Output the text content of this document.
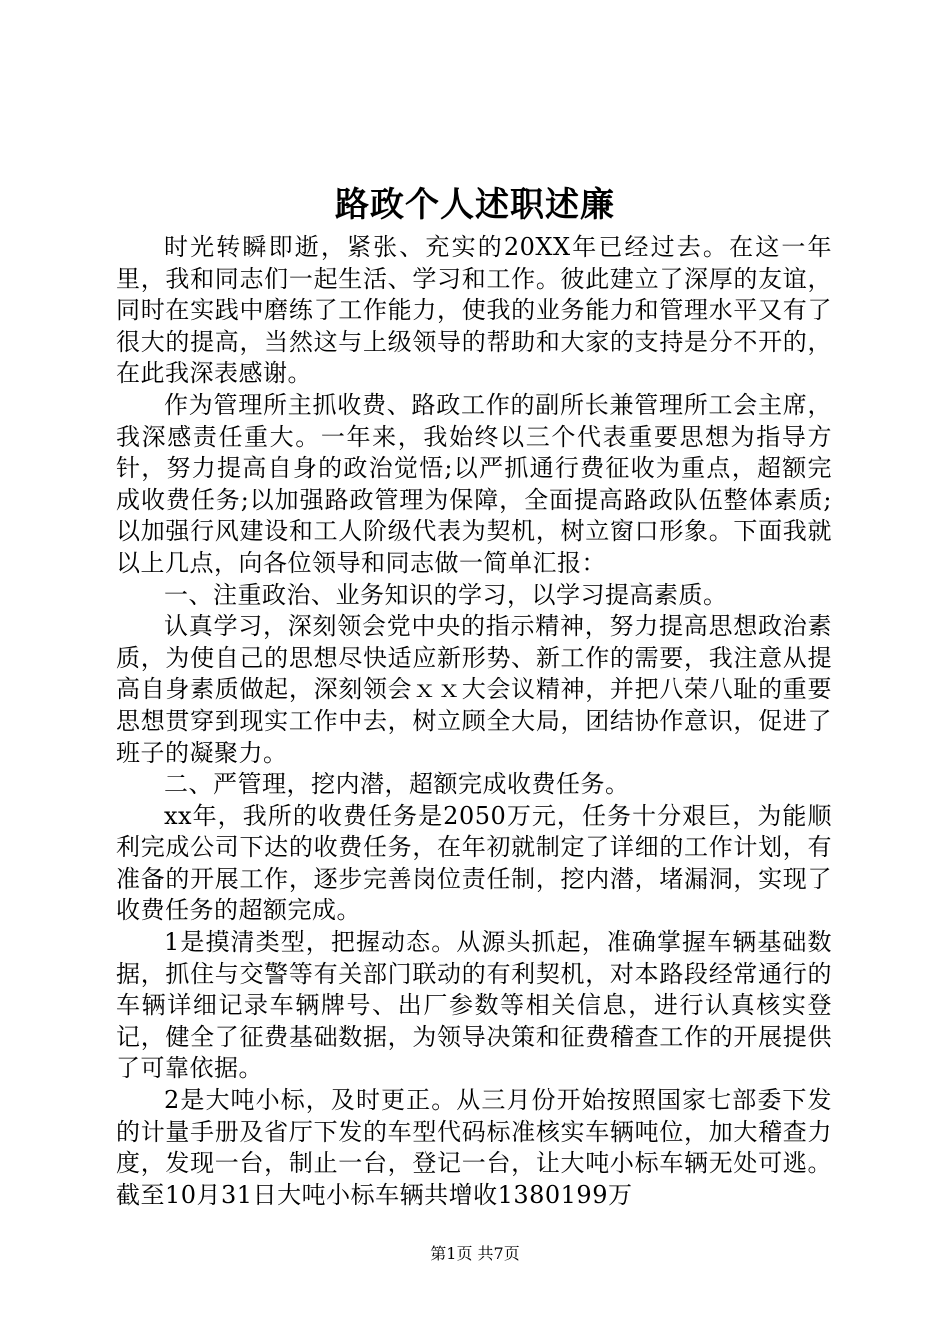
路政个人述职述廉

时光转瞬即逝，紧张、充实的20XX年已经过去。在这一年里，我和同志们一起生活、学习和工作。彼此建立了深厚的友谊，同时在实践中磨练了工作能力，使我的业务能力和管理水平又有了很大的提高，当然这与上级领导的帮助和大家的支持是分不开的，在此我深表感谢。

作为管理所主抓收费、路政工作的副所长兼管理所工会主席，我深感责任重大。一年来，我始终以三个代表重要思想为指导方针，努力提高自身的政治觉悟;以严抓通行费征收为重点，超额完成收费任务;以加强路政管理为保障，全面提高路政队伍整体素质;以加强行风建设和工人阶级代表为契机，树立窗口形象。下面我就以上几点，向各位领导和同志做一简单汇报：

一、注重政治、业务知识的学习，以学习提高素质。

认真学习，深刻领会党中央的指示精神，努力提高思想政治素质，为使自己的思想尽快适应新形势、新工作的需要，我注意从提高自身素质做起，深刻领会ｘｘ大会议精神，并把八荣八耻的重要思想贯穿到现实工作中去，树立顾全大局，团结协作意识，促进了班子的凝聚力。

二、严管理，挖内潜，超额完成收费任务。

xx年，我所的收费任务是2050万元，任务十分艰巨，为能顺利完成公司下达的收费任务，在年初就制定了详细的工作计划，有准备的开展工作，逐步完善岗位责任制，挖内潜，堵漏洞，实现了收费任务的超额完成。

1是摸清类型，把握动态。从源头抓起，准确掌握车辆基础数据，抓住与交警等有关部门联动的有利契机，对本路段经常通行的车辆详细记录车辆牌号、出厂参数等相关信息，进行认真核实登记，健全了征费基础数据，为领导决策和征费稽查工作的开展提供了可靠依据。

2是大吨小标，及时更正。从三月份开始按照国家七部委下发的计量手册及省厅下发的车型代码标准核实车辆吨位，加大稽查力度，发现一台，制止一台，登记一台，让大吨小标车辆无处可逃。截至10月31日大吨小标车辆共增收1380199万

第1页 共7页
